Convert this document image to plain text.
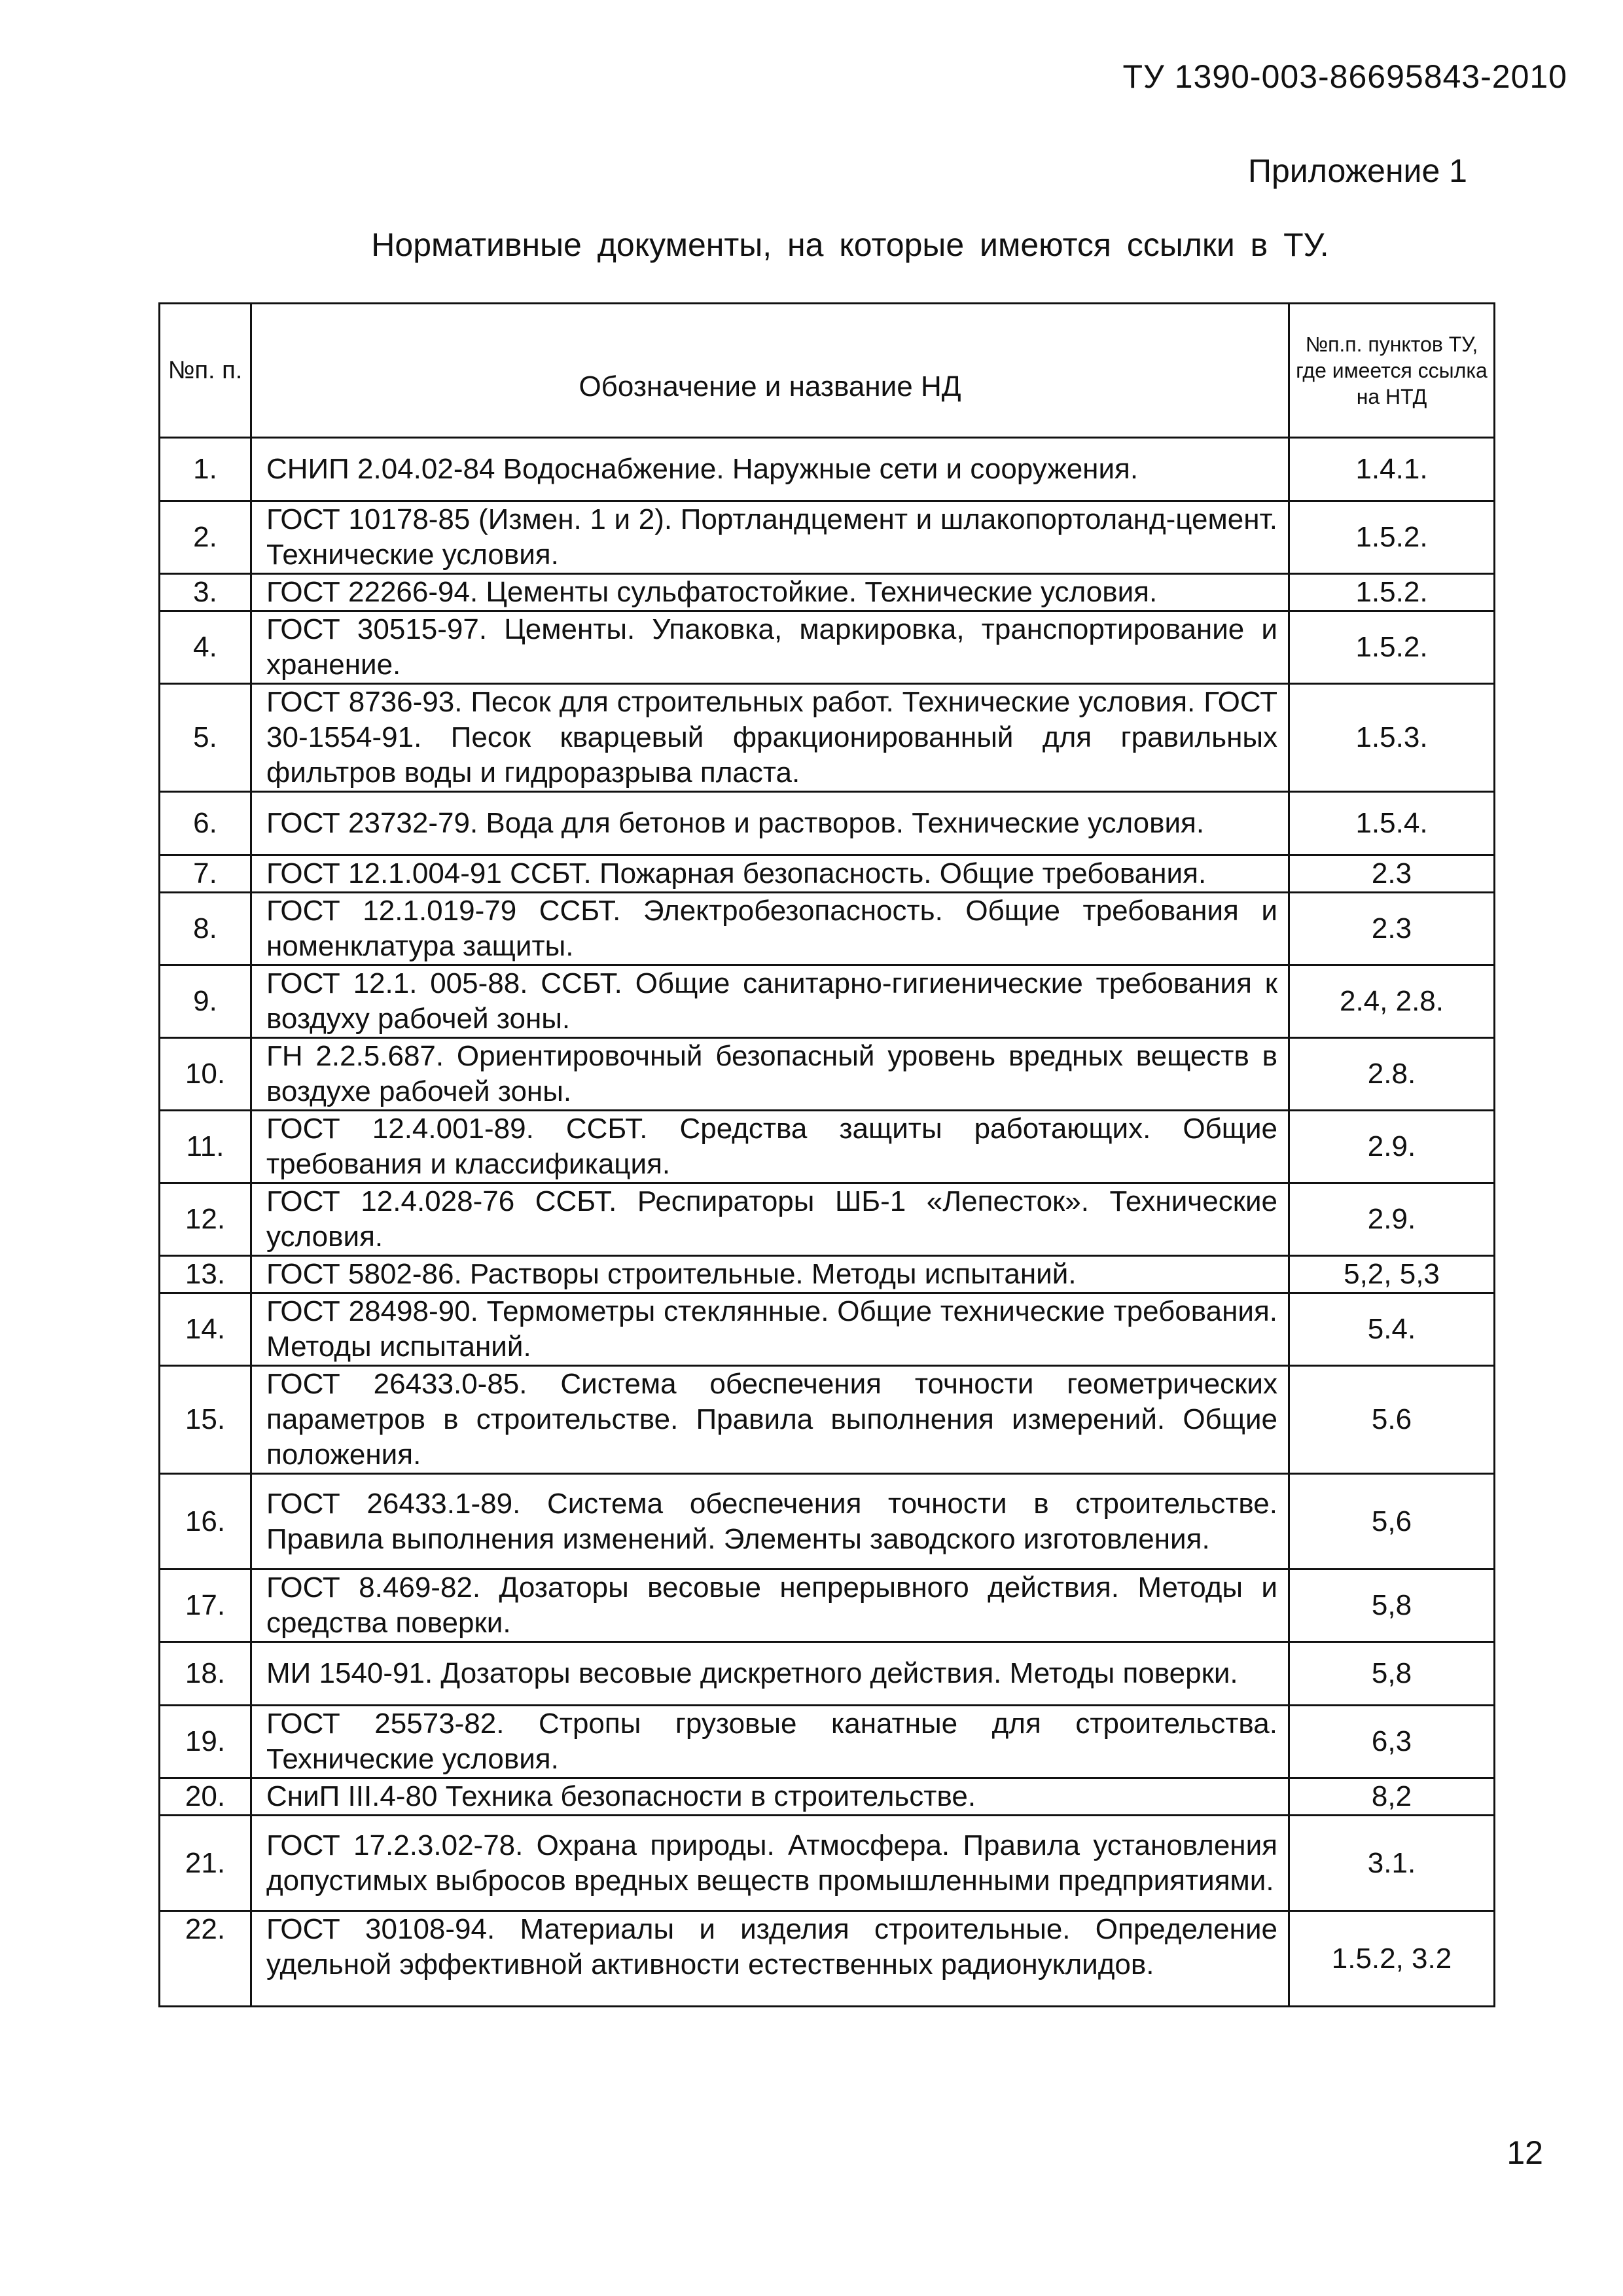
ТУ 1390-003-86695843-2010
Приложение 1
Нормативные документы, на которые имеются ссылки в ТУ.
№п. п.	Обозначение и название НД	№п.п. пунктов ТУ, где имеется ссылка на НТД
1.	СНИП 2.04.02-84 Водоснабжение. Наружные сети и сооружения.	1.4.1.
2.	ГОСТ 10178-85 (Измен. 1 и 2). Портландцемент и шлакопортоланд-цемент. Технические условия.	1.5.2.
3.	ГОСТ 22266-94. Цементы сульфатостойкие. Технические условия.	1.5.2.
4.	ГОСТ 30515-97. Цементы. Упаковка, маркировка, транспортирование и хранение.	1.5.2.
5.	ГОСТ 8736-93. Песок для строительных работ. Технические условия. ГОСТ 30-1554-91. Песок кварцевый фракционированный для гравильных фильтров воды и гидроразрыва пласта.	1.5.3.
6.	ГОСТ 23732-79. Вода для бетонов и растворов. Технические условия.	1.5.4.
7.	ГОСТ 12.1.004-91 ССБТ. Пожарная безопасность. Общие требования.	2.3
8.	ГОСТ 12.1.019-79 ССБТ. Электробезопасность. Общие требования и номенклатура защиты.	2.3
9.	ГОСТ 12.1. 005-88. ССБТ. Общие санитарно-гигиенические требования к воздуху рабочей зоны.	2.4, 2.8.
10.	ГН 2.2.5.687. Ориентировочный безопасный уровень вредных веществ в воздухе рабочей зоны.	2.8.
11.	ГОСТ 12.4.001-89. ССБТ. Средства защиты работающих. Общие требования и классификация.	2.9.
12.	ГОСТ 12.4.028-76 ССБТ. Респираторы ШБ-1 «Лепесток». Технические условия.	2.9.
13.	ГОСТ 5802-86. Растворы строительные. Методы испытаний.	5,2, 5,3
14.	ГОСТ 28498-90. Термометры стеклянные. Общие технические требования. Методы испытаний.	5.4.
15.	ГОСТ 26433.0-85. Система обеспечения точности геометрических параметров в строительстве. Правила выполнения измерений. Общие положения.	5.6
16.	ГОСТ 26433.1-89. Система обеспечения точности в строительстве. Правила выполнения изменений. Элементы заводского изготовления.	5,6
17.	ГОСТ 8.469-82. Дозаторы весовые непрерывного действия. Методы и средства поверки.	5,8
18.	МИ 1540-91. Дозаторы весовые дискретного действия. Методы поверки.	5,8
19.	ГОСТ 25573-82. Стропы грузовые канатные для строительства. Технические условия.	6,3
20.	СниП III.4-80 Техника безопасности в строительстве.	8,2
21.	ГОСТ 17.2.3.02-78. Охрана природы. Атмосфера. Правила установления допустимых выбросов вредных веществ промышленными предприятиями.	3.1.
22.	ГОСТ 30108-94. Материалы и изделия строительные. Определение удельной эффективной активности естественных радионуклидов.	1.5.2, 3.2
12
